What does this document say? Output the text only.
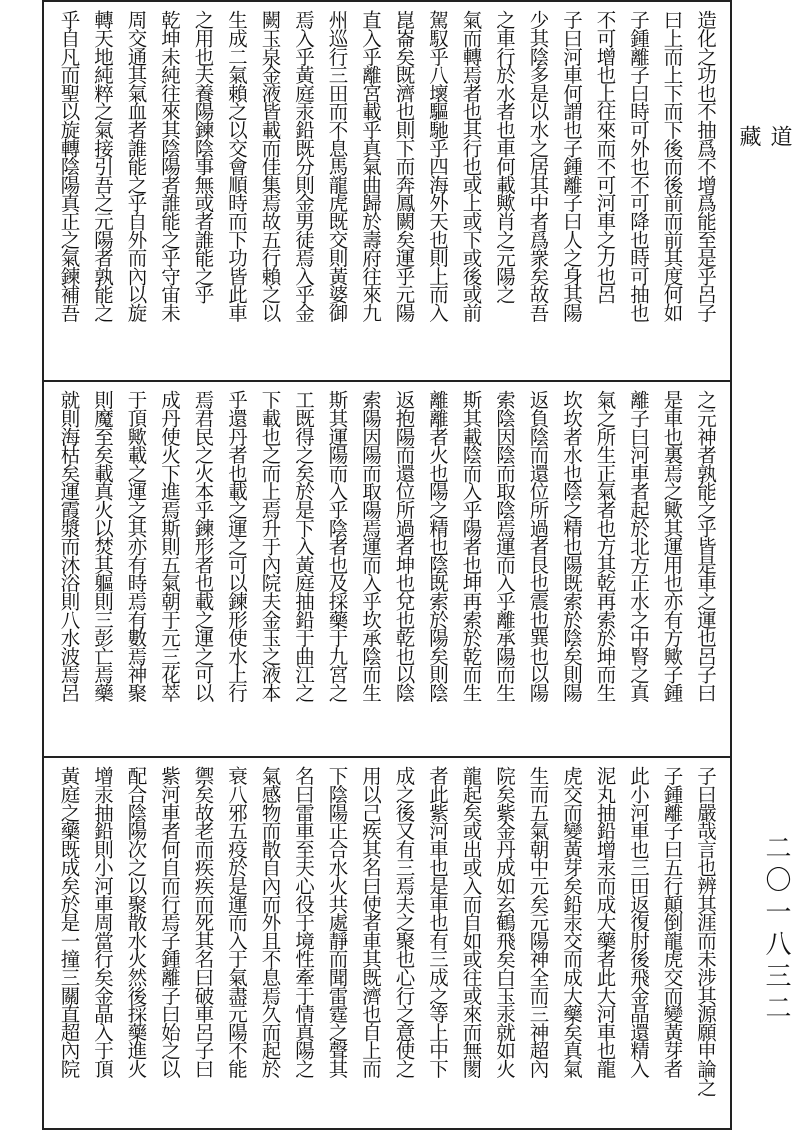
造化之功也不抽爲不增爲能至是乎呂子
曰上而上下而下後而後前而前其度何如
子鍾離子曰時可外也不可降也時可抽也
不可增也上往來而不可河車之力也呂
子曰河車何謂也子鍾離子曰人之身其陽
少其陰多是以水之居其中者爲衆矣故吾
之車行於水者也車何載歟肖之元陽之
氣而轉焉者也其行也或上或下或後或前
駕馭乎八壞驅馳乎四海外天也則上而入
崑崙矣既濟也則下而奔鳳闕矣運乎元陽
直入乎離宮載乎真氣曲歸於壽府往來九
州巡行三田而不息馬龍虎既交則黃婆御
焉入乎黃庭汞鉛既分則金男徒焉入乎金
闕玉泉金液皆載而佳集焉故五行賴之以
生成二氣賴之以交會順時而下功皆此車
之用也夫養陽鍊陰事無或者誰能之乎
乾坤未純往來其陰陽者誰能之乎守宙未
周交通其氣血者誰能之乎自外而內以旋
轉天地純粹之氣接引吾之元陽者孰能之
乎自凡而聖以旋轉陰陽真正之氣鍊補吾
之元神者孰能之乎皆是車之運也呂子曰
是車也裏焉之歟其運用也亦有方歟子鍾
離子曰河車者起於北方正水之中腎之真
氣之所生正氣者也方其乾再索於坤而生
坎坎者水也陰之精也陽既索於陰矣則陽
返負陰而還位所過者艮也震也巽也以陽
索陰因陰而取陰焉運而入乎離承陽而生
斯其載陰而入乎陽者也坤再索於乾而生
離離者火也陽之精也陰既索於陽矣則陰
返抱陽而還位所過者坤也兌也乾也以陰
索陽因陽而取陽焉運而入乎坎承陰而生
斯其運陽而入乎陰者也及採藥于九宮之
工既得之矣於是下入黃庭抽鉛于曲江之
下載也之而上焉升于內院夫金玉之液本
乎還丹者也載之運之可以鍊形使水上行
焉君民之火本乎鍊形者也載之運之可以
成丹使火下進焉斯則五氣朝于元三花萃
于頂歟載之運之其亦有時焉有數焉神聚
則魔至矣載真火以焚其軀則三彭亡焉藥
就則海枯矣運霞漿而沐浴則八水波焉呂
子曰嚴哉言也辨其涯而未涉其源願申論之
子鍾離子曰五行顛倒龍虎交而變黃芽者
此小河車也三田返復肘後飛金晶還精入
泥丸抽鉛增汞而成大藥者此大河車也龍
虎交而變黃芽矣鉛汞交而成大藥矣真氣
生而五氣朝中元矣元陽神全而三神超內
院矣紫金丹成如玄鶴飛矣白玉汞就如火
龍起矣或出或入而自如或往或來而無閡
者此紫河車也是車也有三成之等上中下
成之後又有三焉夫之聚也心行之意使之
用以己疾其名曰使者車其既濟也自上而
下陰陽正合水火共處靜而聞雷霆之聲其
名曰雷車至夫心役于境性牽于情真陽之
氣感物而散自內而外且不息焉久而起於
衰八邪五疫於是運而入于氣盡元陽不能
禦矣故老而疾疾而死其名曰破車呂子曰
紫河車者何自而行焉子鍾離子曰始之以
配合陰陽次之以聚散水火然後採藥進火
增汞抽鉛則小河車周當行矣金晶入于頂
黃庭之藥既成矣於是一撞三關直超內院
道 藏
二〇一八三二
